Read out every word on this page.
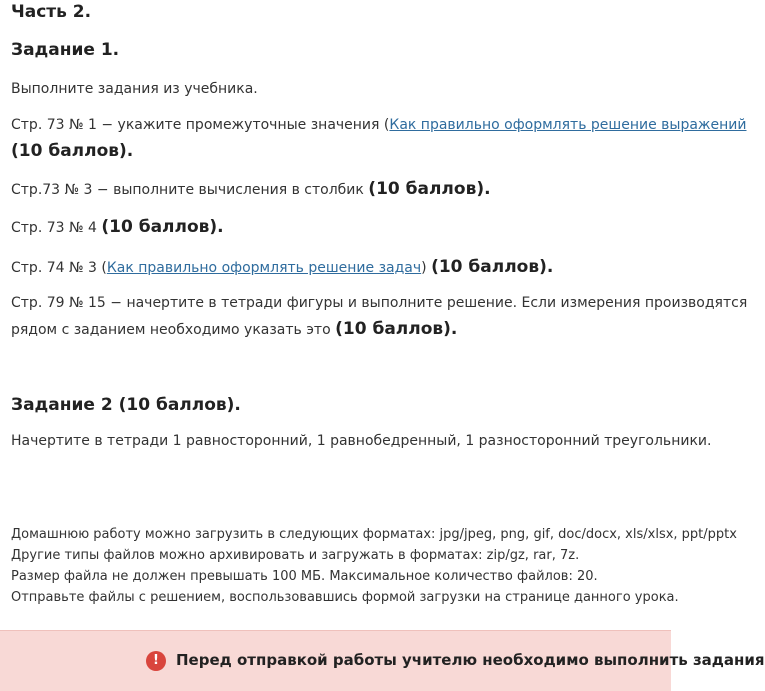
Часть 2.
Задание 1.
Выполните задания из учебника.
Стр. 73 № 1 − укажите промежуточные значения (Как правильно оформлять решение выражений
(10 баллов).
Стр.73 № 3 − выполните вычисления в столбик (10 баллов).
Стр. 73 № 4 (10 баллов).
Стр. 74 № 3 (Как правильно оформлять решение задач) (10 баллов).
Стр. 79 № 15 − начертите в тетради фигуры и выполните решение. Если измерения производятся
рядом с заданием необходимо указать это (10 баллов).
Задание 2 (10 баллов).
Начертите в тетради 1 равносторонний, 1 равнобедренный, 1 разносторонний треугольники.
Домашнюю работу можно загрузить в следующих форматах: jpg/jpeg, png, gif, doc/docx, xls/xlsx, ppt/pptx
Другие типы файлов можно архивировать и загружать в форматах: zip/gz, rar, 7z.
Размер файла не должен превышать 100 МБ. Максимальное количество файлов: 20.
Отправьте файлы с решением, воспользовавшись формой загрузки на странице данного урока.
!	Перед отправкой работы учителю необходимо выполнить задания
